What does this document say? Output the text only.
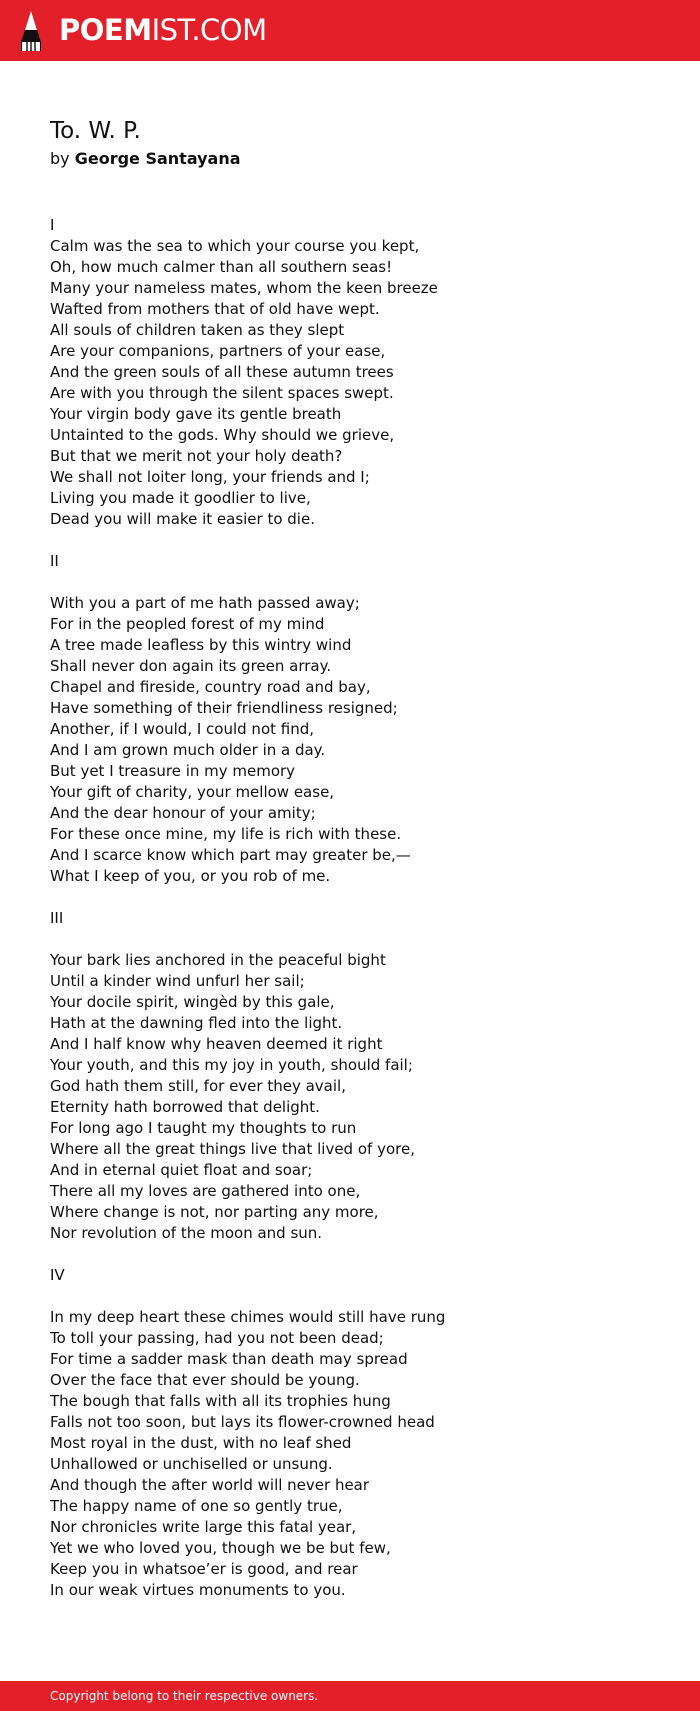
POEMIST.COM
To. W. P.
by George Santayana
I
Calm was the sea to which your course you kept,
Oh, how much calmer than all southern seas!
Many your nameless mates, whom the keen breeze
Wafted from mothers that of old have wept.
All souls of children taken as they slept
Are your companions, partners of your ease,
And the green souls of all these autumn trees
Are with you through the silent spaces swept.
Your virgin body gave its gentle breath
Untainted to the gods. Why should we grieve,
But that we merit not your holy death?
We shall not loiter long, your friends and I;
Living you made it goodlier to live,
Dead you will make it easier to die.
II
With you a part of me hath passed away;
For in the peopled forest of my mind
A tree made leafless by this wintry wind
Shall never don again its green array.
Chapel and fireside, country road and bay,
Have something of their friendliness resigned;
Another, if I would, I could not find,
And I am grown much older in a day.
But yet I treasure in my memory
Your gift of charity, your mellow ease,
And the dear honour of your amity;
For these once mine, my life is rich with these.
And I scarce know which part may greater be,—
What I keep of you, or you rob of me.
III
Your bark lies anchored in the peaceful bight
Until a kinder wind unfurl her sail;
Your docile spirit, wingèd by this gale,
Hath at the dawning fled into the light.
And I half know why heaven deemed it right
Your youth, and this my joy in youth, should fail;
God hath them still, for ever they avail,
Eternity hath borrowed that delight.
For long ago I taught my thoughts to run
Where all the great things live that lived of yore,
And in eternal quiet float and soar;
There all my loves are gathered into one,
Where change is not, nor parting any more,
Nor revolution of the moon and sun.
IV
In my deep heart these chimes would still have rung
To toll your passing, had you not been dead;
For time a sadder mask than death may spread
Over the face that ever should be young.
The bough that falls with all its trophies hung
Falls not too soon, but lays its flower-crowned head
Most royal in the dust, with no leaf shed
Unhallowed or unchiselled or unsung.
And though the after world will never hear
The happy name of one so gently true,
Nor chronicles write large this fatal year,
Yet we who loved you, though we be but few,
Keep you in whatsoe’er is good, and rear
In our weak virtues monuments to you.
Copyright belong to their respective owners.
